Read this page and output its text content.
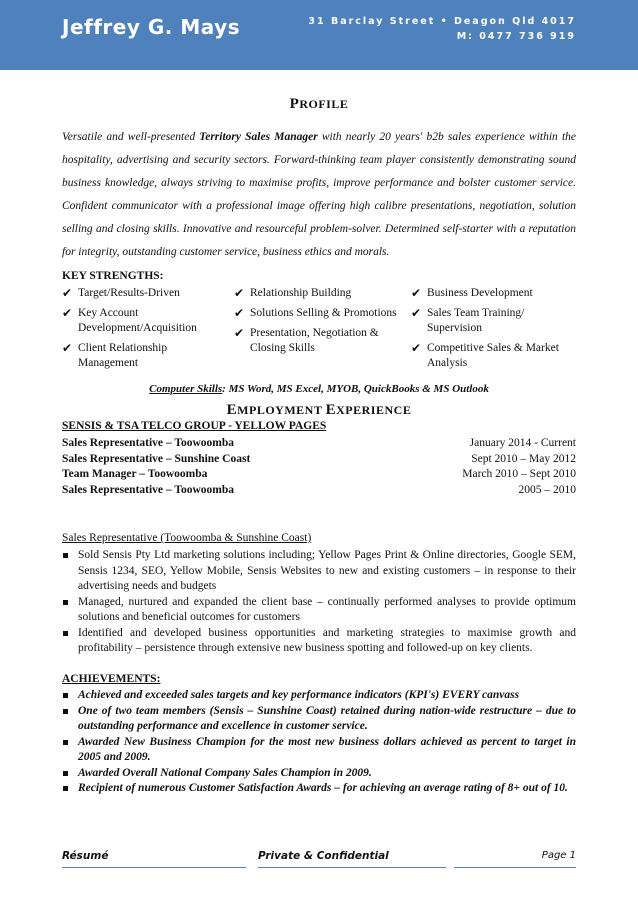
Jeffrey G. Mays	31 Barclay Street • Deagon Qld 4017
M: 0477 736 919
PROFILE
Versatile and well-presented Territory Sales Manager with nearly 20 years' b2b sales experience within the hospitality, advertising and security sectors. Forward-thinking team player consistently demonstrating sound business knowledge, always striving to maximise profits, improve performance and bolster customer service. Confident communicator with a professional image offering high calibre presentations, negotiation, solution selling and closing skills. Innovative and resourceful problem-solver. Determined self-starter with a reputation for integrity, outstanding customer service, business ethics and morals.
KEY STRENGTHS:
✔ Target/Results-Driven
✔ Key Account Development/Acquisition
✔ Client Relationship Management
✔ Relationship Building
✔ Solutions Selling & Promotions
✔ Presentation, Negotiation & Closing Skills
✔ Business Development
✔ Sales Team Training/ Supervision
✔ Competitive Sales & Market Analysis
Computer Skills: MS Word, MS Excel, MYOB, QuickBooks & MS Outlook
EMPLOYMENT EXPERIENCE
SENSIS & TSA TELCO GROUP - YELLOW PAGES
Sales Representative – Toowoomba	January 2014 - Current
Sales Representative – Sunshine Coast	Sept 2010 – May 2012
Team Manager – Toowoomba	March 2010 – Sept 2010
Sales Representative – Toowoomba	2005 – 2010
Sales Representative (Toowoomba & Sunshine Coast)
Sold Sensis Pty Ltd marketing solutions including; Yellow Pages Print & Online directories, Google SEM, Sensis 1234, SEO, Yellow Mobile, Sensis Websites to new and existing customers – in response to their advertising needs and budgets
Managed, nurtured and expanded the client base – continually performed analyses to provide optimum solutions and beneficial outcomes for customers
Identified and developed business opportunities and marketing strategies to maximise growth and profitability – persistence through extensive new business spotting and followed-up on key clients.
ACHIEVEMENTS:
Achieved and exceeded sales targets and key performance indicators (KPI's) EVERY canvass
One of two team members (Sensis – Sunshine Coast) retained during nation-wide restructure – due to outstanding performance and excellence in customer service.
Awarded New Business Champion for the most new business dollars achieved as percent to target in 2005 and 2009.
Awarded Overall National Company Sales Champion in 2009.
Recipient of numerous Customer Satisfaction Awards – for achieving an average rating of 8+ out of 10.
Résumé	Private & Confidential	Page 1
